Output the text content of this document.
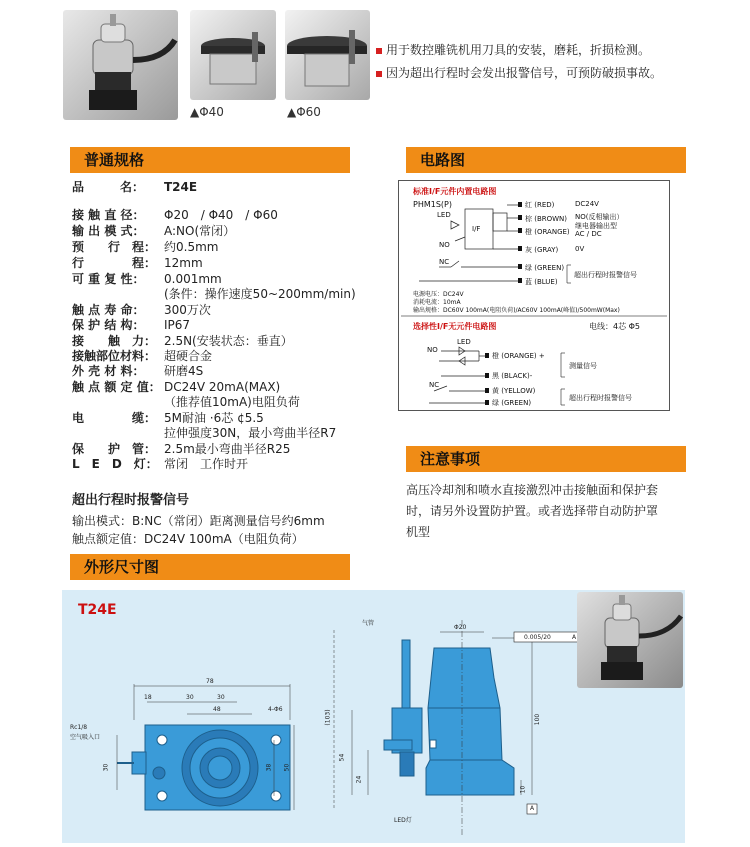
▲Φ40	▲Φ60
用于数控雕铣机用刀具的安装，磨耗，折损检测。
因为超出行程时会发出报警信号，可预防破损事故。
普通规格
品　　　名： T24E
接 触 直 径： Φ20　/ Φ40　/ Φ60
输 出 模 式： A:NO(常闭）
预　　行　程： 约0.5mm
行　　　　程： 12mm
可 重 复 性： 0.001mm
(条件：操作速度50~200mm/min)
触 点 寿 命： 300万次
保 护 结 构： IP67
接　　触　力： 2.5N(安装状态：垂直）
接触部位材料： 超硬合金
外 壳 材 料： 研磨4S
触 点 额 定 值： DC24V 20mA(MAX)
（推荐值10mA)电阻负荷
电　　　　缆： 5M耐油 ·6芯 ¢5.5
拉伸强度30N，最小弯曲半径R7
保　　护　管： 2.5m最小弯曲半径R25
L　E　D　灯： 常闭　工作时开
超出行程时报警信号
输出模式：B:NC（常闭）距离测量信号约6mm
触点额定值：DC24V 100mA（电阻负荷）
电路图
标准I/F元件内置电路图
PHM1S(P)
LED
NO
I/F
红 (RED)
棕 (BROWN)
橙 (ORANGE)
灰 (GRAY)
NC
绿 (GREEN)
蓝 (BLUE)
DC24V
NO(反相输出）
继电器输出型
AC / DC
0V
超出行程时报警信号
电源电压：DC24V
消耗电流：10mA
输出规格：DC60V 100mA(电阻负荷)/AC60V 100mA(峰值)/500mW(Max)
选择性I/F无元件电路图	电线：4芯 Φ5
LED
NO
NC
橙 (ORANGE) +
黑 (BLACK)-
黄 (YELLOW)
绿 (GREEN)
测量信号
超出行程时报警信号
注意事项
高压冷却剂和喷水直接激烈冲击接触面和保护套时，请另外设置防护置。或者选择带自动防护罩机型
外形尺寸图
T24E
78
18	30	30
48	4-Φ6
Rc1/8
空气吸入口
30	38 50
气管
Φ20
0.005/20	A
(103)
54
24
100
10
A
LED灯
